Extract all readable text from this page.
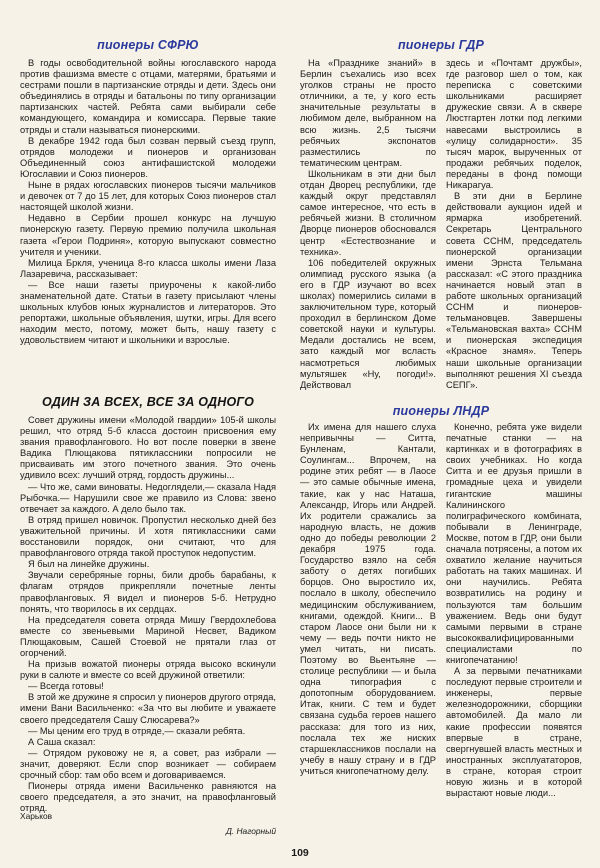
пионеры СФРЮ

В годы освободительной войны югославского народа против фашизма вместе с отцами, матерями, братьями и сестрами пошли в партизанские отряды и дети. Здесь они объединялись в отряды и батальоны по типу организации партизанских частей. Ребята сами выбирали себе командующего, командира и комиссара. Первые такие отряды и стали называться пионерскими.

В декабре 1942 года был созван первый съезд групп, отрядов молодежи и пионеров и организован Объединенный союз антифашистской молодежи Югославии и Союз пионеров.

Ныне в рядах югославских пионеров тысячи мальчиков и девочек от 7 до 15 лет, для которых Союз пионеров стал настоящей школой жизни.

Недавно в Сербии прошел конкурс на лучшую пионерскую газету. Первую премию получила школьная газета «Герои Подриня», которую выпускают совместно учителя и ученики.

Милица Бркля, ученица 8-го класса школы имени Лаза Лазаревича, рассказывает:

— Все наши газеты приурочены к какой-либо знаменательной дате. Статьи в газету присылают члены школьных клубов юных журналистов и литераторов. Это репортажи, школьные объявления, шутки, игры. Для всего находим место, потому, может быть, нашу газету с удовольствием читают и школьники и взрослые.

ОДИН ЗА ВСЕХ, ВСЕ ЗА ОДНОГО

Совет дружины имени «Молодой гвардии» 105-й школы решил, что отряд 5-б класса достоин присвоения ему звания правофлангового. Но вот после поверки в звене Вадика Плющакова пятиклассники попросили не присваивать им этого почетного звания. Это очень удивило всех: лучший отряд, гордость дружины...

— Что же, сами виноваты. Недоглядели,— сказала Надя Рыбочка.— Нарушили свое же правило из Слова: звено отвечает за каждого. А дело было так.

В отряд пришел новичок. Пропустил несколько дней без уважительной причины. И хотя пятиклассники сами восстановили порядок, они считают, что для правофлангового отряда такой проступок недопустим.

Я был на линейке дружины.

Звучали серебряные горны, били дробь барабаны, к флагам отрядов прикрепляли почетные ленты правофланговых. Я видел и пионеров 5-б. Нетрудно понять, что творилось в их сердцах.

На председателя совета отряда Мишу Гвердохлебова вместе со звеньевыми Мариной Несвет, Вадиком Плющаковым, Сашей Стоевой не прятали глаз от огорчений.

На призыв вожатой пионеры отряда высоко вскинули руки в салюте и вместе со всей дружиной ответили:

— Всегда готовы!

В этой же дружине я спросил у пионеров другого отряда, имени Вани Васильченко: «За что вы любите и уважаете своего председателя Сашу Слюсарева?»

— Мы ценим его труд в отряде,— сказали ребята.

А Саша сказал:

— Отрядом руковожу не я, а совет, раз избрали — значит, доверяют. Если спор возникает — собираем срочный сбор: там обо всем и договариваемся.

Пионеры отряда имени Васильченко равняются на своего председателя, а это значит, на правофланговый отряд.

Харьков
Д. Нагорный
пионеры ГДР

На «Празднике знаний» в Берлин съехались изо всех уголков страны не просто отличники, а те, у кого есть значительные результаты в любимом деле, выбранном на всю жизнь. 2,5 тысячи ребячьих экспонатов разместились по тематическим центрам.

Школьникам в эти дни был отдан Дворец республики, где каждый округ представлял самое интересное, что есть в ребячьей жизни. В столичном Дворце пионеров обосновался центр «Естествознание и техника».

106 победителей окружных олимпиад русского языка (а его в ГДР изучают во всех школах) померились силами в заключительном туре, который проходил в берлинском Доме советской науки и культуры. Медали достались не всем, зато каждый мог всласть насмотреться любимых мультяшек «Ну, погоди!». Действовал

здесь и «Почтамт дружбы», где разговор шел о том, как переписка с советскими школьниками расширяет дружеские связи. А в сквере Люстгартен лотки под легкими навесами выстроились в «улицу солидарности». 35 тысяч марок, вырученных от продажи ребячьих поделок, переданы в фонд помощи Никарагуа.

В эти дни в Берлине действовали аукцион идей и ярмарка изобретений. Секретарь Центрального совета ССНМ, председатель пионерской организации имени Эрнста Тельмана рассказал: «С этого праздника начинается новый этап в работе школьных организаций ССНМ и пионеров-тельмановцев. Завершены «Тельмановская вахта» ССНМ и пионерская экспедиция «Красное знамя». Теперь наши школьные организации выполняют решения XI съезда СЕПГ».

пионеры ЛНДР

Их имена для нашего слуха непривычны — Ситта, Бунленам, Кантали, Соулингам... Впрочем, на родине этих ребят — в Лаосе — это самые обычные имена, такие, как у нас Наташа, Александр, Игорь или Андрей. Их родители сражались за народную власть, не дожив одно до победы революции 2 декабря 1975 года. Государство взяло на себя заботу о детях погибших борцов. Оно выростило их, послало в школу, обеспечило медицинским обслуживанием, книгами, одеждой. Книги... В старом Лаосе они были ни к чему — ведь почти никто не умел читать, ни писать. Поэтому во Вьентьяне — столице республики — и была одна типография с допотопным оборудованием. Итак, книги. С тем и будет связана судьба героев нашего рассказа: для того из них, послала тех же ниских старшеклассников послали на учебу в нашу страну и в ГДР учиться книгопечатному делу.

Конечно, ребята уже видели печатные станки — на картинках и в фотографиях в своих учебниках. Но когда Ситта и ее друзья пришли в громадные цеха и увидели гигантские машины Калининского полиграфического комбината, побывали в Ленинграде, Москве, потом в ГДР, они были сначала потрясены, а потом их охватило желание научиться работать на таких машинах. И они научились. Ребята возвратились на родину и пользуются там большим уважением. Ведь они будут самыми первыми в стране высококвалифицированными специалистами по книгопечатанию!

А за первыми печатниками последуют первые строители и инженеры, первые железнодорожники, сборщики автомобилей. Да мало ли какие профессии появятся впервые в стране, свергнувшей власть местных и иностранных эксплуататоров, в стране, которая строит новую жизнь и в которой вырастают новые люди...

109
